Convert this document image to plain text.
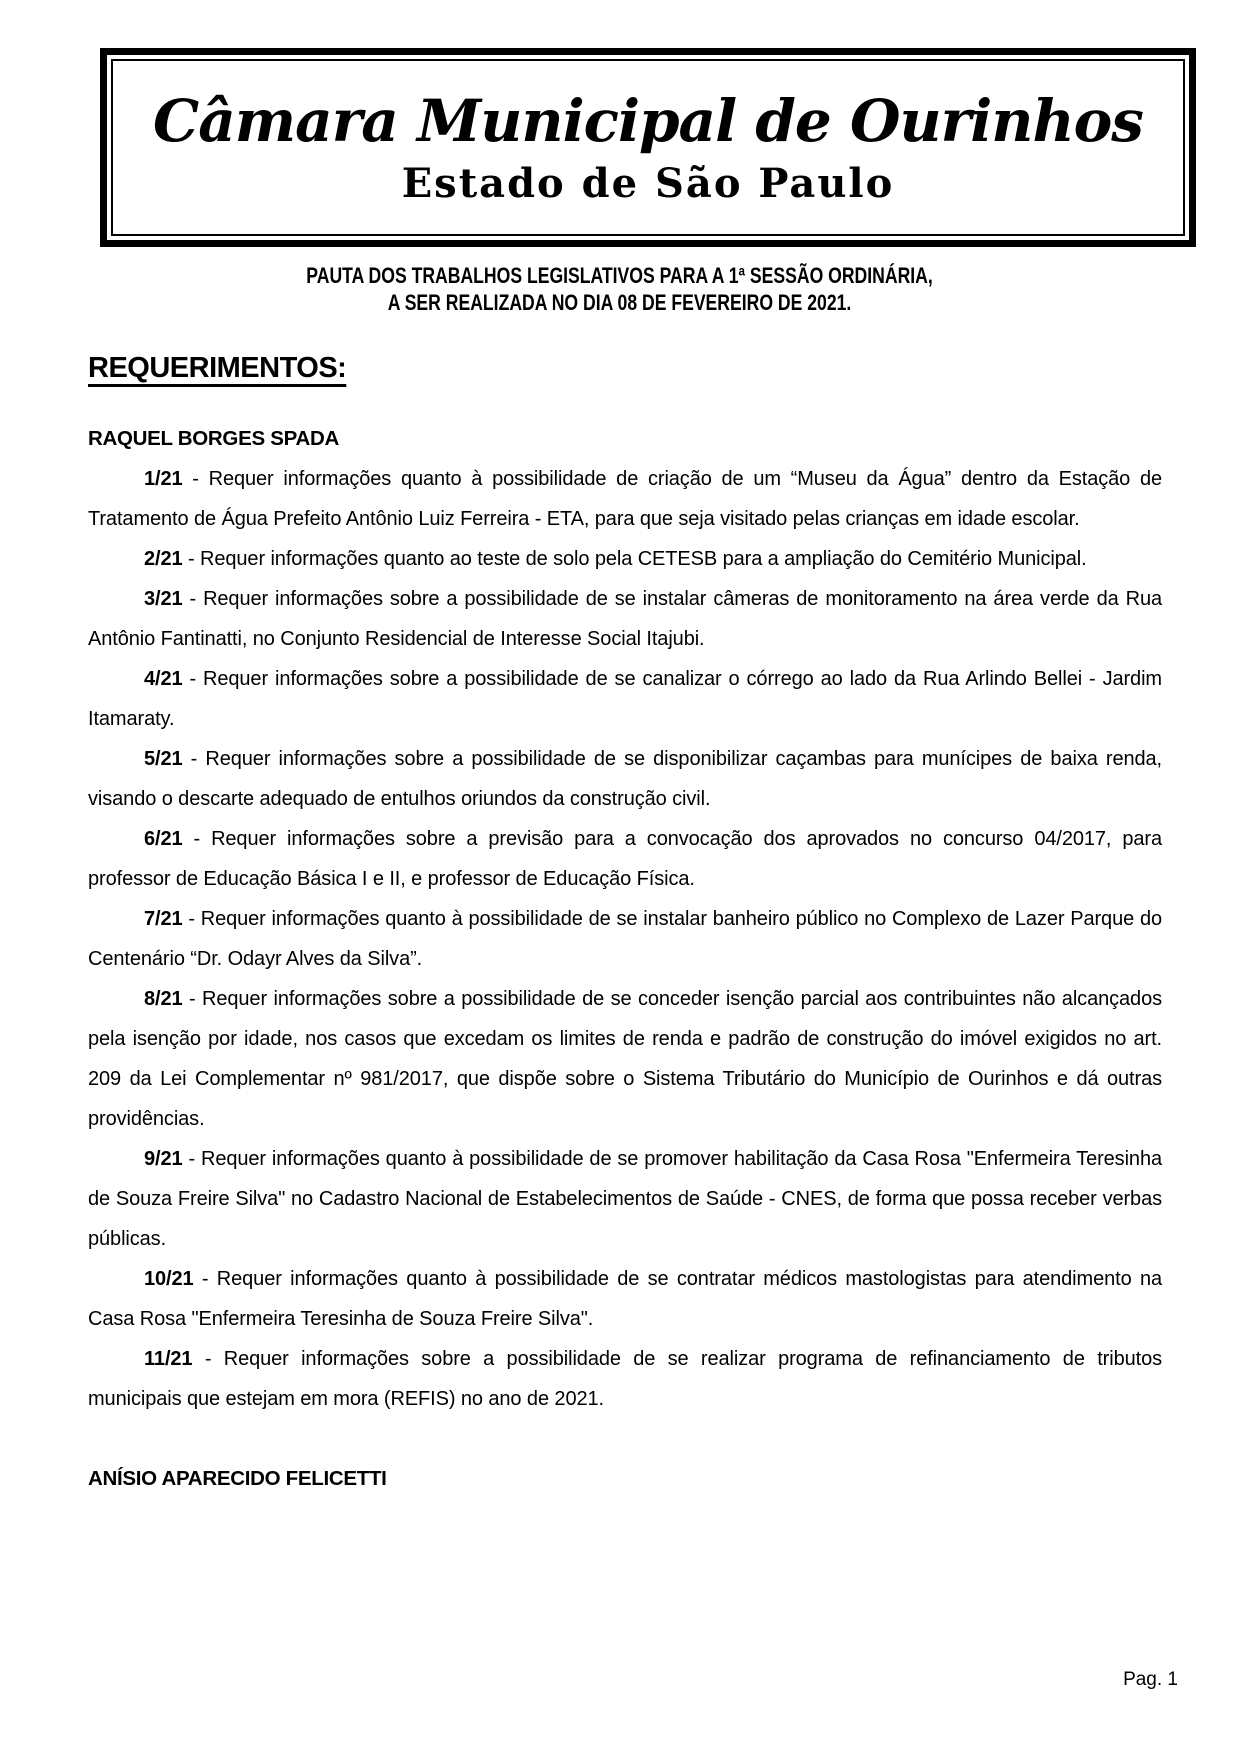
Câmara Municipal de Ourinhos
Estado de São Paulo
PAUTA DOS TRABALHOS LEGISLATIVOS PARA A 1ª SESSÃO ORDINÁRIA,
A SER REALIZADA NO DIA 08 DE FEVEREIRO DE 2021.
REQUERIMENTOS:
RAQUEL BORGES SPADA

1/21 - Requer informações quanto à possibilidade de criação de um “Museu da Água” dentro da Estação de Tratamento de Água Prefeito Antônio Luiz Ferreira - ETA, para que seja visitado pelas crianças em idade escolar.

2/21 - Requer informações quanto ao teste de solo pela CETESB para a ampliação do Cemitério Municipal.

3/21 - Requer informações sobre a possibilidade de se instalar câmeras de monitoramento na área verde da Rua Antônio Fantinatti, no Conjunto Residencial de Interesse Social Itajubi.

4/21 - Requer informações sobre a possibilidade de se canalizar o córrego ao lado da Rua Arlindo Bellei - Jardim Itamaraty.

5/21 - Requer informações sobre a possibilidade de se disponibilizar caçambas para munícipes de baixa renda, visando o descarte adequado de entulhos oriundos da construção civil.

6/21 - Requer informações sobre a previsão para a convocação dos aprovados no concurso 04/2017, para professor de Educação Básica I e II, e professor de Educação Física.

7/21 - Requer informações quanto à possibilidade de se instalar banheiro público no Complexo de Lazer Parque do Centenário “Dr. Odayr Alves da Silva”.

8/21 - Requer informações sobre a possibilidade de se conceder isenção parcial aos contribuintes não alcançados pela isenção por idade, nos casos que excedam os limites de renda e padrão de construção do imóvel exigidos no art. 209 da Lei Complementar nº 981/2017, que dispõe sobre o Sistema Tributário do Município de Ourinhos e dá outras providências.

9/21 - Requer informações quanto à possibilidade de se promover habilitação da Casa Rosa "Enfermeira Teresinha de Souza Freire Silva" no Cadastro Nacional de Estabelecimentos de Saúde - CNES, de forma que possa receber verbas públicas.

10/21 - Requer informações quanto à possibilidade de se contratar médicos mastologistas para atendimento na Casa Rosa "Enfermeira Teresinha de Souza Freire Silva".

11/21 - Requer informações sobre a possibilidade de se realizar programa de refinanciamento de tributos municipais que estejam em mora (REFIS) no ano de 2021.

ANÍSIO APARECIDO FELICETTI
Pag. 1
